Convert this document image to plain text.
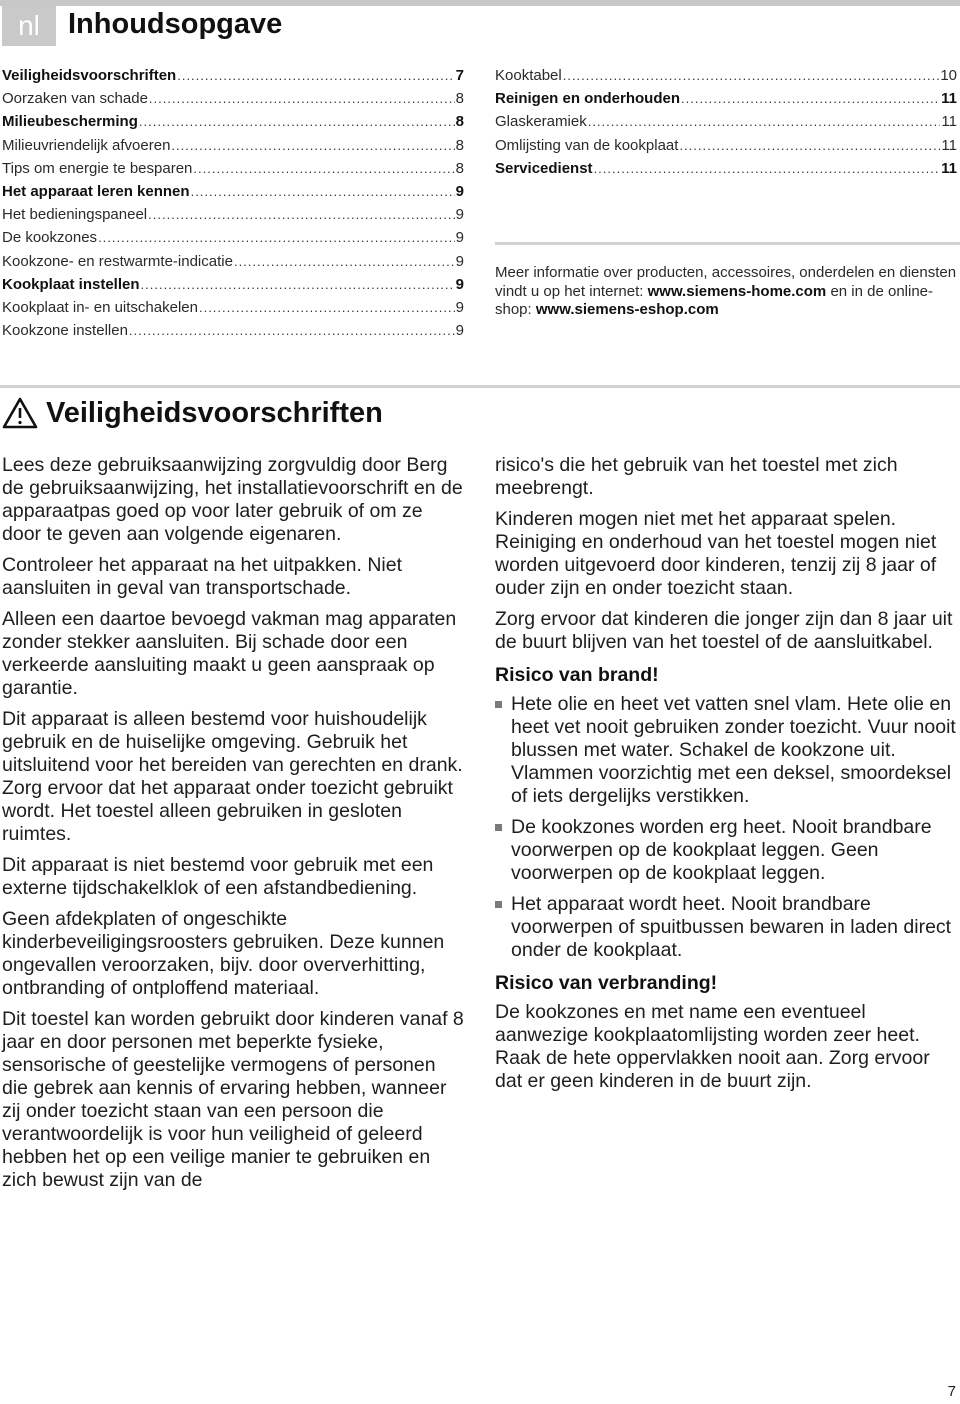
nl Inhoudsopgave
Veiligheidsvoorschriften .....	7
Oorzaken van schade .....	8
Milieubescherming .....	8
Milieuvriendelijk afvoeren .....	8
Tips om energie te besparen .....	8
Het apparaat leren kennen .....	9
Het bedieningspaneel .....	9
De kookzones .....	9
Kookzone- en restwarmte-indicatie .....	9
Kookplaat instellen .....	9
Kookplaat in- en uitschakelen .....	9
Kookzone instellen .....	9
Kooktabel .....	10
Reinigen en onderhouden .....	11
Glaskeramiek .....	11
Omlijsting van de kookplaat .....	11
Servicedienst .....	11
Meer informatie over producten, accessoires, onderdelen en diensten vindt u op het internet: www.siemens-home.com en in de online-shop: www.siemens-eshop.com
Veiligheidsvoorschriften

Lees deze gebruiksaanwijzing zorgvuldig door Berg de gebruiksaanwijzing, het installatievoorschrift en de apparaatpas goed op voor later gebruik of om ze door te geven aan volgende eigenaren.

Controleer het apparaat na het uitpakken. Niet aansluiten in geval van transportschade.

Alleen een daartoe bevoegd vakman mag apparaten zonder stekker aansluiten. Bij schade door een verkeerde aansluiting maakt u geen aanspraak op garantie.

Dit apparaat is alleen bestemd voor huishoudelijk gebruik en de huiselijke omgeving. Gebruik het uitsluitend voor het bereiden van gerechten en drank. Zorg ervoor dat het apparaat onder toezicht gebruikt wordt. Het toestel alleen gebruiken in gesloten ruimtes.

Dit apparaat is niet bestemd voor gebruik met een externe tijdschakelklok of een afstandbediening.

Geen afdekplaten of ongeschikte kinderbeveiligingsroosters gebruiken. Deze kunnen ongevallen veroorzaken, bijv. door oververhitting, ontbranding of ontploffend materiaal.

Dit toestel kan worden gebruikt door kinderen vanaf 8 jaar en door personen met beperkte fysieke, sensorische of geestelijke vermogens of personen die gebrek aan kennis of ervaring hebben, wanneer zij onder toezicht staan van een persoon die verantwoordelijk is voor hun veiligheid of geleerd hebben het op een veilige manier te gebruiken en zich bewust zijn van de

risico's die het gebruik van het toestel met zich meebrengt.

Kinderen mogen niet met het apparaat spelen. Reiniging en onderhoud van het toestel mogen niet worden uitgevoerd door kinderen, tenzij zij 8 jaar of ouder zijn en onder toezicht staan.

Zorg ervoor dat kinderen die jonger zijn dan 8 jaar uit de buurt blijven van het toestel of de aansluitkabel.

Risico van brand!
Hete olie en heet vet vatten snel vlam. Hete olie en heet vet nooit gebruiken zonder toezicht. Vuur nooit blussen met water. Schakel de kookzone uit. Vlammen voorzichtig met een deksel, smoordeksel of iets dergelijks verstikken.
De kookzones worden erg heet. Nooit brandbare voorwerpen op de kookplaat leggen. Geen voorwerpen op de kookplaat leggen.
Het apparaat wordt heet. Nooit brandbare voorwerpen of spuitbussen bewaren in laden direct onder de kookplaat.
Risico van verbranding!

De kookzones en met name een eventueel aanwezige kookplaatomlijsting worden zeer heet. Raak de hete oppervlakken nooit aan. Zorg ervoor dat er geen kinderen in de buurt zijn.

7
